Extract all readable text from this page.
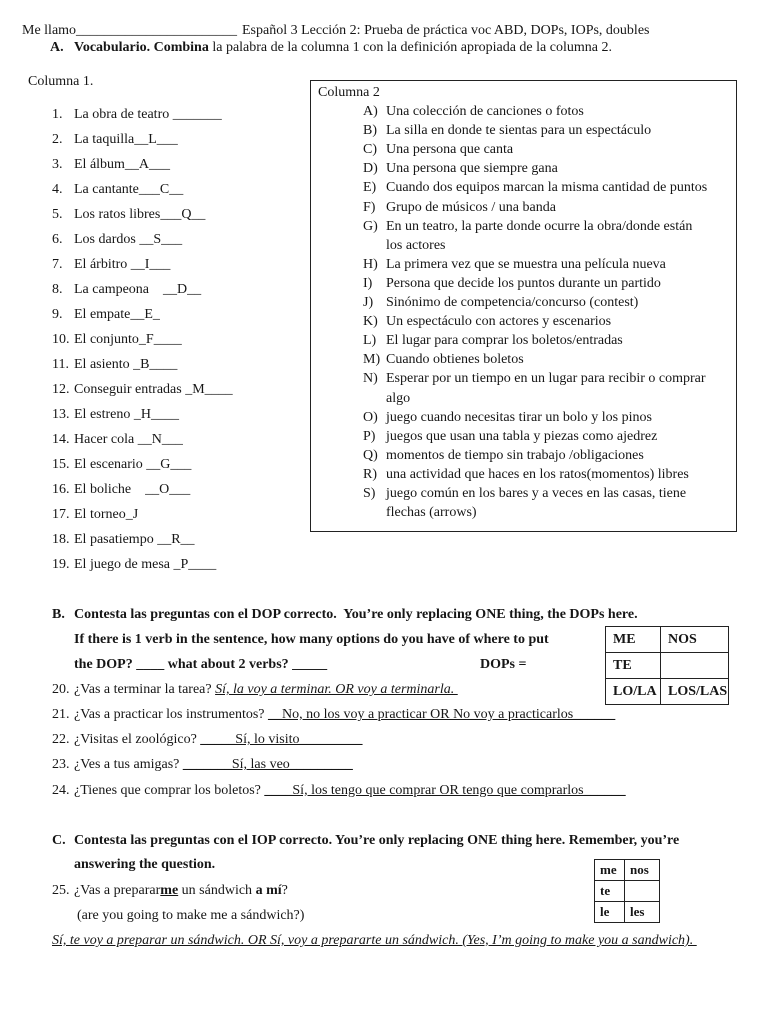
Me llamo_______________________ Español 3 Lección 2: Prueba de práctica voc ABD, DOPs, IOPs, doubles
A. Vocabulario. Combina la palabra de la columna 1 con la definición apropiada de la columna 2.
Columna 1.
1. La obra de teatro _______
2. La taquilla__L___
3. El álbum__A___
4. La cantante___C__
5. Los ratos libres___Q__
6. Los dardos __S___
7. El árbitro __I___
8. La campeona    __D__
9. El empate__E_
10. El conjunto_F____
11. El asiento _B____
12. Conseguir entradas _M____
13. El estreno _H____
14. Hacer cola __N___
15. El escenario __G___
16. El boliche    __O___
17. El torneo_J
18. El pasatiempo __R__
19. El juego de mesa _P____
Columna 2
A) Una colección de canciones o fotos
B) La silla en donde te sientas para un espectáculo
C) Una persona que canta
D) Una persona que siempre gana
E) Cuando dos equipos marcan la misma cantidad de puntos
F) Grupo de músicos / una banda
G) En un teatro, la parte donde ocurre la obra/donde están
los actores
H) La primera vez que se muestra una película nueva
I) Persona que decide los puntos durante un partido
J) Sinónimo de competencia/concurso (contest)
K) Un espectáculo con actores y escenarios
L) El lugar para comprar los boletos/entradas
M) Cuando obtienes boletos
N) Esperar por un tiempo en un lugar para recibir o comprar
algo
O) juego cuando necesitas tirar un bolo y los pinos
P) juegos que usan una tabla y piezas como ajedrez
Q) momentos de tiempo sin trabajo /obligaciones
R) una actividad que haces en los ratos(momentos) libres
S) juego común en los bares y a veces en las casas, tiene
flechas (arrows)
B. Contesta las preguntas con el DOP correcto.  You’re only replacing ONE thing, the DOPs here.
If there is 1 verb in the sentence, how many options do you have of where to put
the DOP? ____ what about 2 verbs? _____	DOPs =
ME	NOS
TE	
LO/LA	LOS/LAS
20. ¿Vas a terminar la tarea? Sí, la voy a terminar. OR voy a terminarla.
21. ¿Vas a practicar los instrumentos? __No, no los voy a practicar OR No voy a practicarlos______
22. ¿Visitas el zoológico? _____Sí, lo visito_________
23. ¿Ves a tus amigas? _______Sí, las veo_________
24. ¿Tienes que comprar los boletos? ____Sí, los tengo que comprar OR tengo que comprarlos______
C. Contesta las preguntas con el IOP correcto. You’re only replacing ONE thing here. Remember, you’re
answering the question.	me	nos
te	
le	les
25. ¿Vas a prepararme un sándwich a mí?
(are you going to make me a sándwich?)
Sí, te voy a preparar un sándwich. OR Sí, voy a prepararte un sándwich. (Yes, I’m going to make you a sandwich).
